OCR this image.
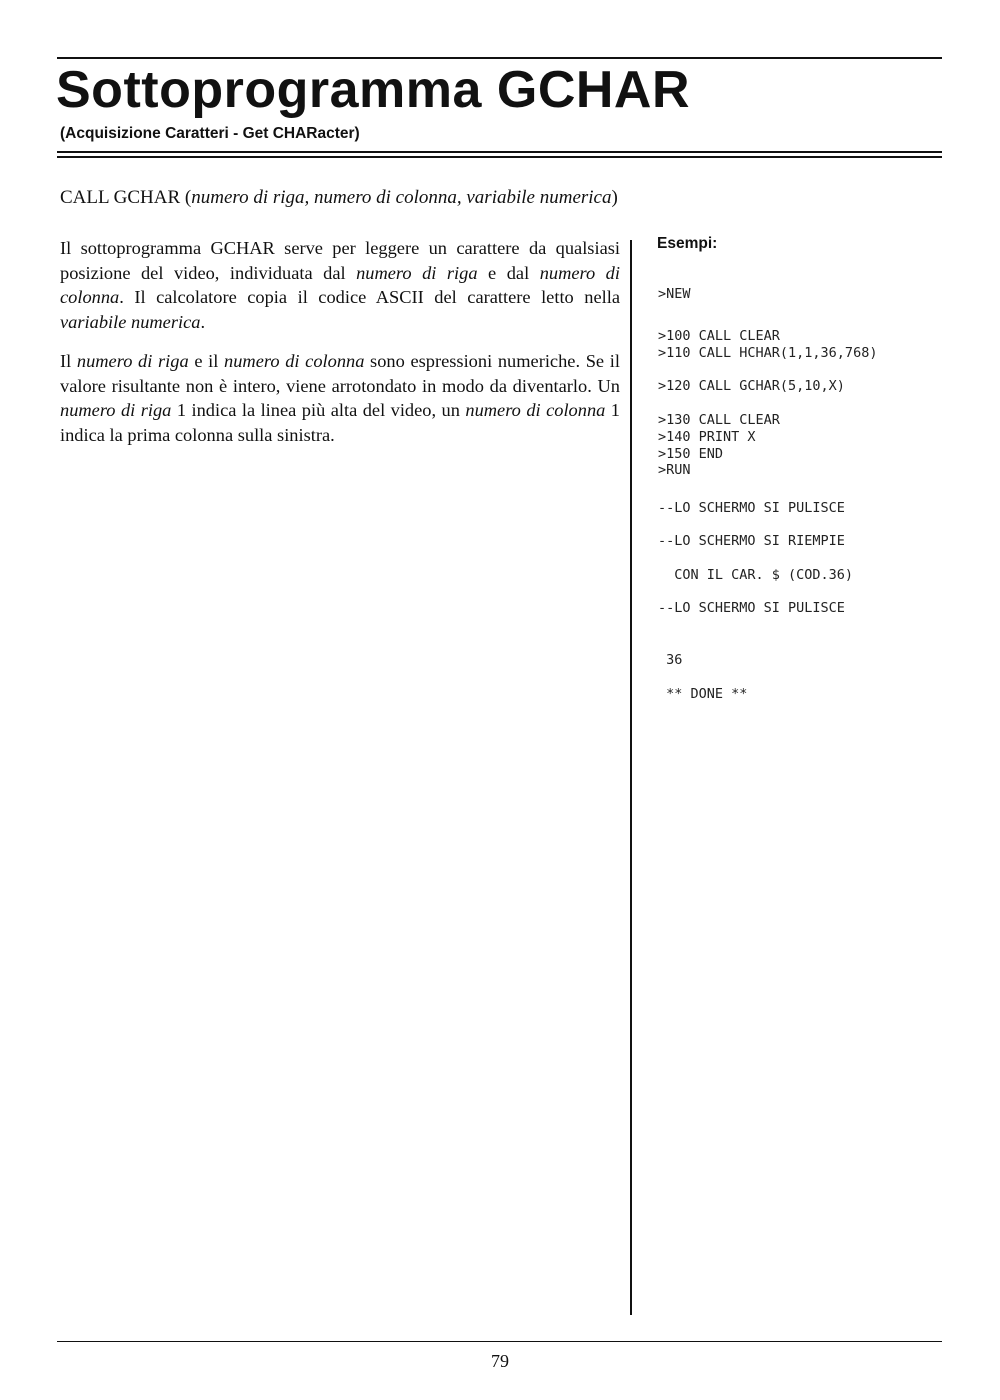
Sottoprogramma GCHAR
(Acquisizione Caratteri - Get CHARacter)
CALL GCHAR (numero di riga, numero di colonna, variabile numerica)

Il sottoprogramma GCHAR serve per leggere un carattere da qualsiasi posizione del video, individuata dal numero di riga e dal numero di colonna. Il calcolatore copia il codice ASCII del carattere letto nella variabile numerica.

Il numero di riga e il numero di colonna sono espressioni numeriche. Se il valore risultante non è intero, viene arrotondato in modo da diventarlo. Un numero di riga 1 indica la linea più alta del video, un numero di colonna 1 indica la prima colonna sulla sinistra.

Esempi:
>NEW
>100 CALL CLEAR
>110 CALL HCHAR(1,1,36,768)
>120 CALL GCHAR(5,10,X)
>130 CALL CLEAR
>140 PRINT X
>150 END
>RUN
--LO SCHERMO SI PULISCE
--LO SCHERMO SI RIEMPIE
CON IL CAR. $ (COD.36)
--LO SCHERMO SI PULISCE
36
** DONE **
79
